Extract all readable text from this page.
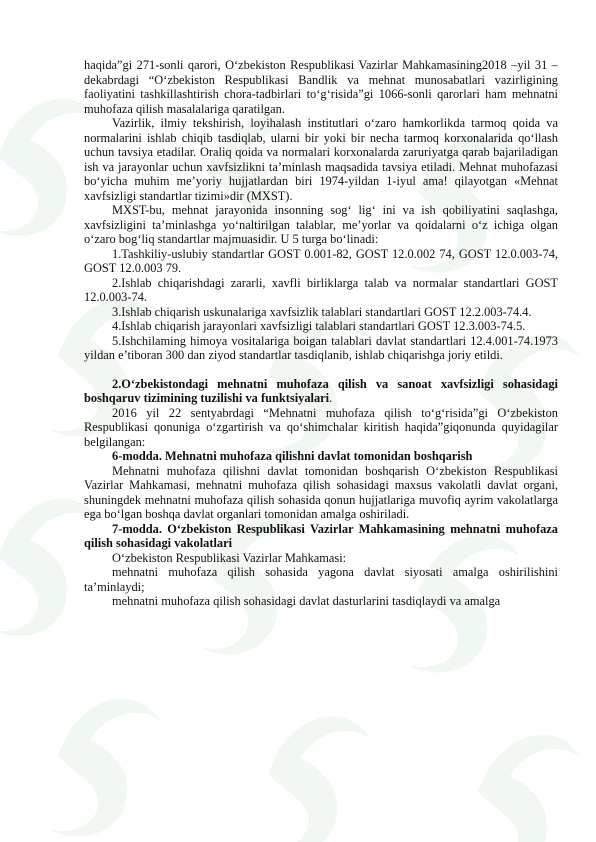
haqida”gi 271-sonli qarori, O‘zbekiston Respublikasi Vazirlar Mahkamasining2018 –yil 31 –dekabrdagi “O‘zbekiston Respublikasi Bandlik va mehnat munosabatlari vazirligining faoliyatini tashkillashtirish chora-tadbirlari to‘g‘risida”gi 1066-sonli qarorlari ham mehnatni muhofaza qilish masalalariga qaratilgan.

Vazirlik, ilmiy tekshirish, loyihalash institutlari o‘zaro hamkorlikda tarmoq qoida va normalarini ishlab chiqib tasdiqlab, ularni bir yoki bir necha tarmoq korxonalarida qo‘llash uchun tavsiya etadilar. Oraliq qoida va normalari korxonalarda zaruriyatga qarab bajariladigan ish va jarayonlar uchun xavfsizlikni ta’minlash maqsadida tavsiya etiladi. Mehnat muhofazasi bo‘yicha muhim me’yoriy hujjatlardan biri 1974-yildan 1-iyul ama! qilayotgan «Mehnat xavfsizligi standartlar tizimi»dir (MXST).

MXST-bu, mehnat jarayonida insonning sog‘ lig‘ ini va ish qobiliyatini saqlashga, xavfsizligini ta’minlashga yo‘naltirilgan talablar, me’yorlar va qoidalarni o‘z ichiga olgan o‘zaro bog‘liq standartlar majmuasidir. U 5 turga bo‘linadi:

1.Tashkiliy-uslubiy standartlar GOST 0.001-82, GOST 12.0.002 74, GOST 12.0.003-74, GOST 12.0.003 79.

2.Ishlab chiqarishdagi zararli, xavfli birliklarga talab va normalar standartlari GOST 12.0.003-74.

3.Ishlab chiqarish uskunalariga xavfsizlik talablari standartlari GOST 12.2.003-74.4.

4.Ishlab chiqarish jarayonlari xavfsizligi talablari standartlari GOST 12.3.003-74.5.

5.Ishchilaming himoya vositalariga boigan talablari davlat standartlari 12.4.001-74.1973 yildan e’tiboran 300 dan ziyod standartlar tasdiqlanib, ishlab chiqarishga joriy etildi.

2.O‘zbekistondagi mehnatni muhofaza qilish va sanoat xavfsizligi sohasidagi boshqaruv tizimining tuzilishi va funktsiyalari.

2016 yil 22 sentyabrdagi “Mehnatni muhofaza qilish to‘g‘risida”gi O‘zbekiston Respublikasi qonuniga o‘zgartirish va qo‘shimchalar kiritish haqida”giqonunda quyidagilar belgilangan:

6-modda. Mehnatni muhofaza qilishni davlat tomonidan boshqarish

Mehnatni muhofaza qilishni davlat tomonidan boshqarish O‘zbekiston Respublikasi Vazirlar Mahkamasi, mehnatni muhofaza qilish sohasidagi maxsus vakolatli davlat organi, shuningdek mehnatni muhofaza qilish sohasida qonun hujjatlariga muvofiq ayrim vakolatlarga ega bo‘lgan boshqa davlat organlari tomonidan amalga oshiriladi.

7-modda. O‘zbekiston Respublikasi Vazirlar Mahkamasining mehnatni muhofaza qilish sohasidagi vakolatlari

O‘zbekiston Respublikasi Vazirlar Mahkamasi:

mehnatni muhofaza qilish sohasida yagona davlat siyosati amalga oshirilishini ta’minlaydi;

mehnatni muhofaza qilish sohasidagi davlat dasturlarini tasdiqlaydi va amalga
